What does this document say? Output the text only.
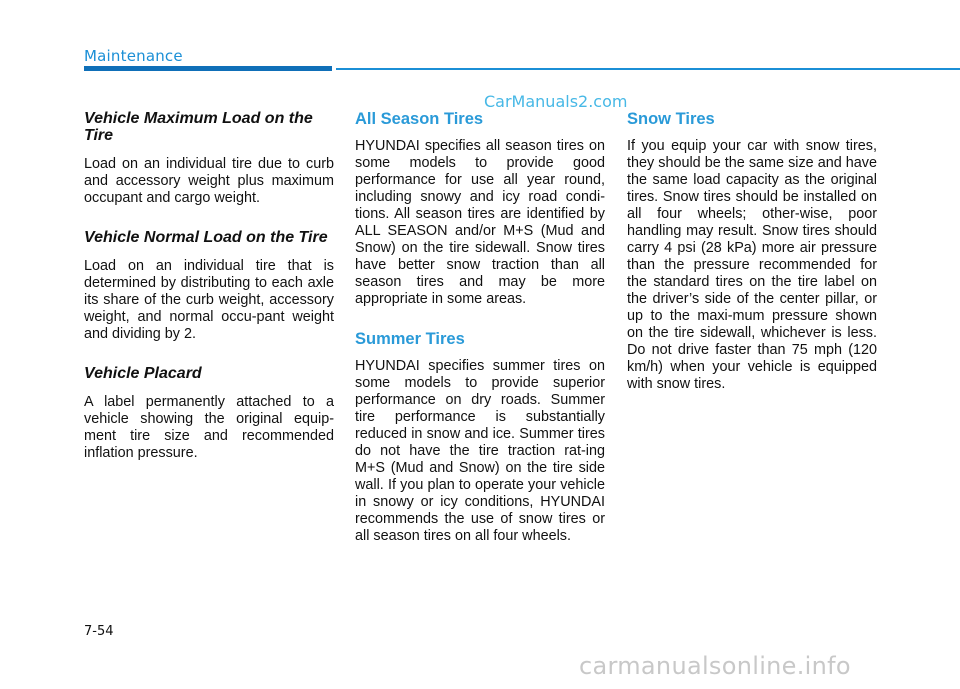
Maintenance
CarManuals2.com

Vehicle Maximum Load on the Tire

Load on an individual tire due to curb and accessory weight plus maximum occupant and cargo weight.

Vehicle Normal Load on the Tire

Load on an individual tire that is determined by distributing to each axle its share of the curb weight, accessory weight, and normal occu-pant weight and dividing by 2.

Vehicle Placard

A label permanently attached to a vehicle showing the original equip-ment tire size and recommended inflation pressure.

All Season Tires

HYUNDAI specifies all season tires on some models to provide good performance for use all year round, including snowy and icy road condi-tions. All season tires are identified by ALL SEASON and/or M+S (Mud and Snow) on the tire sidewall. Snow tires have better snow traction than all season tires and may be more appropriate in some areas.

Summer Tires

HYUNDAI specifies summer tires on some models to provide superior performance on dry roads. Summer tire performance is substantially reduced in snow and ice. Summer tires do not have the tire traction rat-ing M+S (Mud and Snow) on the tire side wall. If you plan to operate your vehicle in snowy or icy conditions, HYUNDAI recommends the use of snow tires or all season tires on all four wheels.

Snow Tires

If you equip your car with snow tires, they should be the same size and have the same load capacity as the original tires. Snow tires should be installed on all four wheels; other-wise, poor handling may result. Snow tires should carry 4 psi (28 kPa) more air pressure than the pressure recommended for the standard tires on the tire label on the driver’s side of the center pillar, or up to the maxi-mum pressure shown on the tire sidewall, whichever is less. Do not drive faster than 75 mph (120 km/h) when your vehicle is equipped with snow tires.

7-54
carmanualsonline.info
